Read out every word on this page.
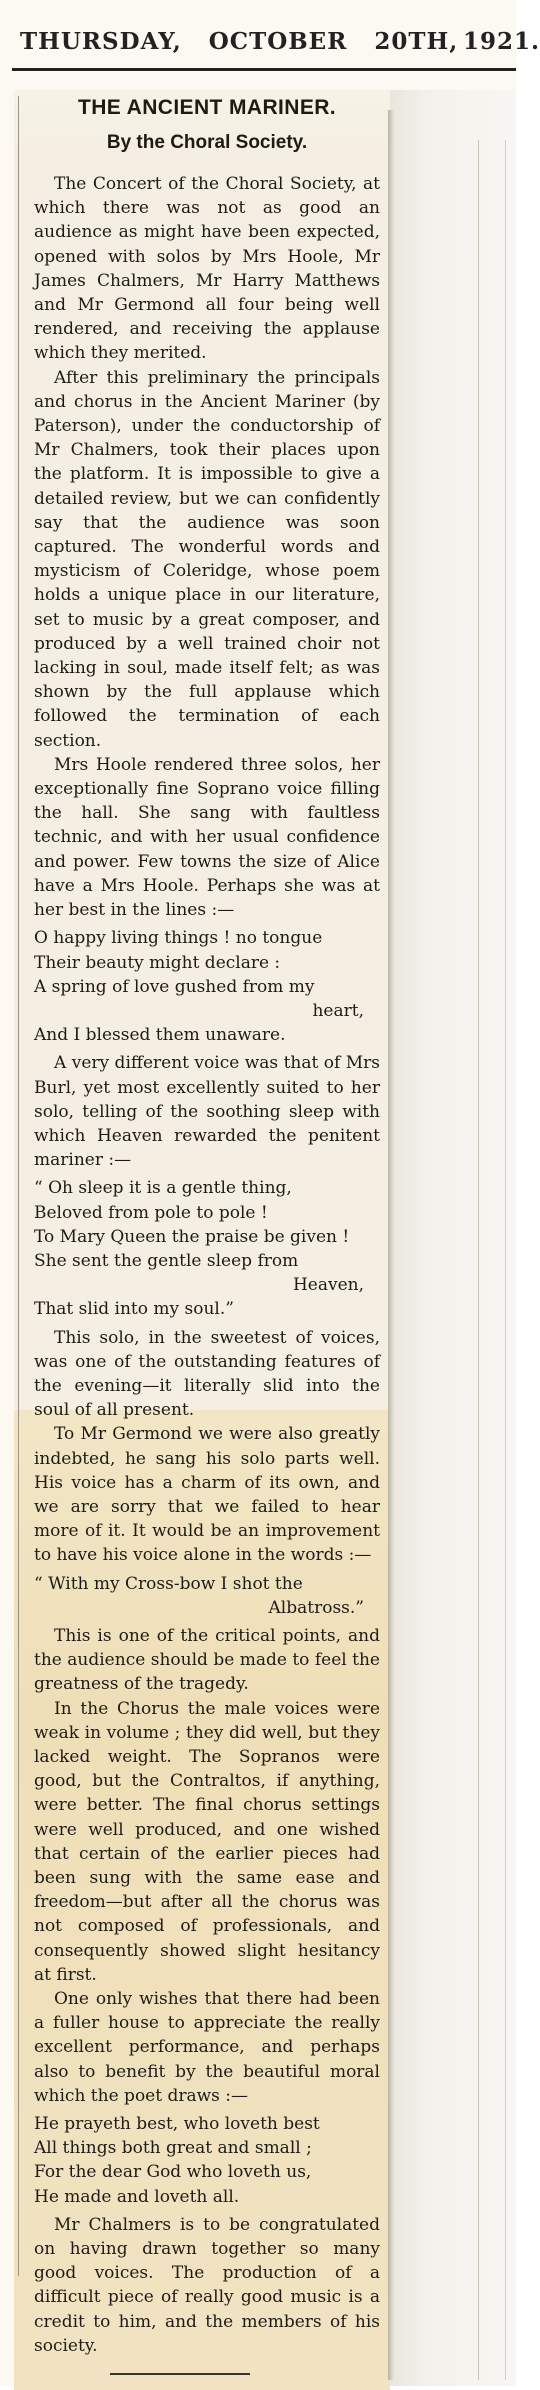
THURSDAY, OCTOBER 20TH, 1921.
THE ANCIENT MARINER.
By the Choral Society.

The Concert of the Choral Society, at which there was not as good an audience as might have been expected, opened with solos by Mrs Hoole, Mr James Chalmers, Mr Harry Matthews and Mr Germond all four being well rendered, and receiving the applause which they merited.

After this preliminary the principals and chorus in the Ancient Mariner (by Paterson), under the conductorship of Mr Chalmers, took their places upon the platform. It is impossible to give a detailed review, but we can confidently say that the audience was soon captured. The wonderful words and mysticism of Coleridge, whose poem holds a unique place in our literature, set to music by a great composer, and produced by a well trained choir not lacking in soul, made itself felt; as was shown by the full applause which followed the termination of each section.

Mrs Hoole rendered three solos, her exceptionally fine Soprano voice filling the hall. She sang with faultless technic, and with her usual confidence and power. Few towns the size of Alice have a Mrs Hoole. Perhaps she was at her best in the lines :—

O happy living things ! no tongue
Their beauty might declare :
A spring of love gushed from my
heart,
And I blessed them unaware.

A very different voice was that of Mrs Burl, yet most excellently suited to her solo, telling of the soothing sleep with which Heaven rewarded the penitent mariner :—

“ Oh sleep it is a gentle thing,
Beloved from pole to pole !
To Mary Queen the praise be given !
She sent the gentle sleep from
Heaven,
That slid into my soul.”

This solo, in the sweetest of voices, was one of the outstanding features of the evening—it literally slid into the soul of all present.

To Mr Germond we were also greatly indebted, he sang his solo parts well. His voice has a charm of its own, and we are sorry that we failed to hear more of it. It would be an improvement to have his voice alone in the words :—

“ With my Cross-bow I shot the
Albatross.”

This is one of the critical points, and the audience should be made to feel the greatness of the tragedy.

In the Chorus the male voices were weak in volume ; they did well, but they lacked weight. The Sopranos were good, but the Contraltos, if anything, were better. The final chorus settings were well produced, and one wished that certain of the earlier pieces had been sung with the same ease and freedom—but after all the chorus was not composed of professionals, and consequently showed slight hesitancy at first.

One only wishes that there had been a fuller house to appreciate the really excellent performance, and perhaps also to benefit by the beautiful moral which the poet draws :—

He prayeth best, who loveth best
All things both great and small ;
For the dear God who loveth us,
He made and loveth all.

Mr Chalmers is to be congratulated on having drawn together so many good voices. The production of a difficult piece of really good music is a credit to him, and the members of his society.
